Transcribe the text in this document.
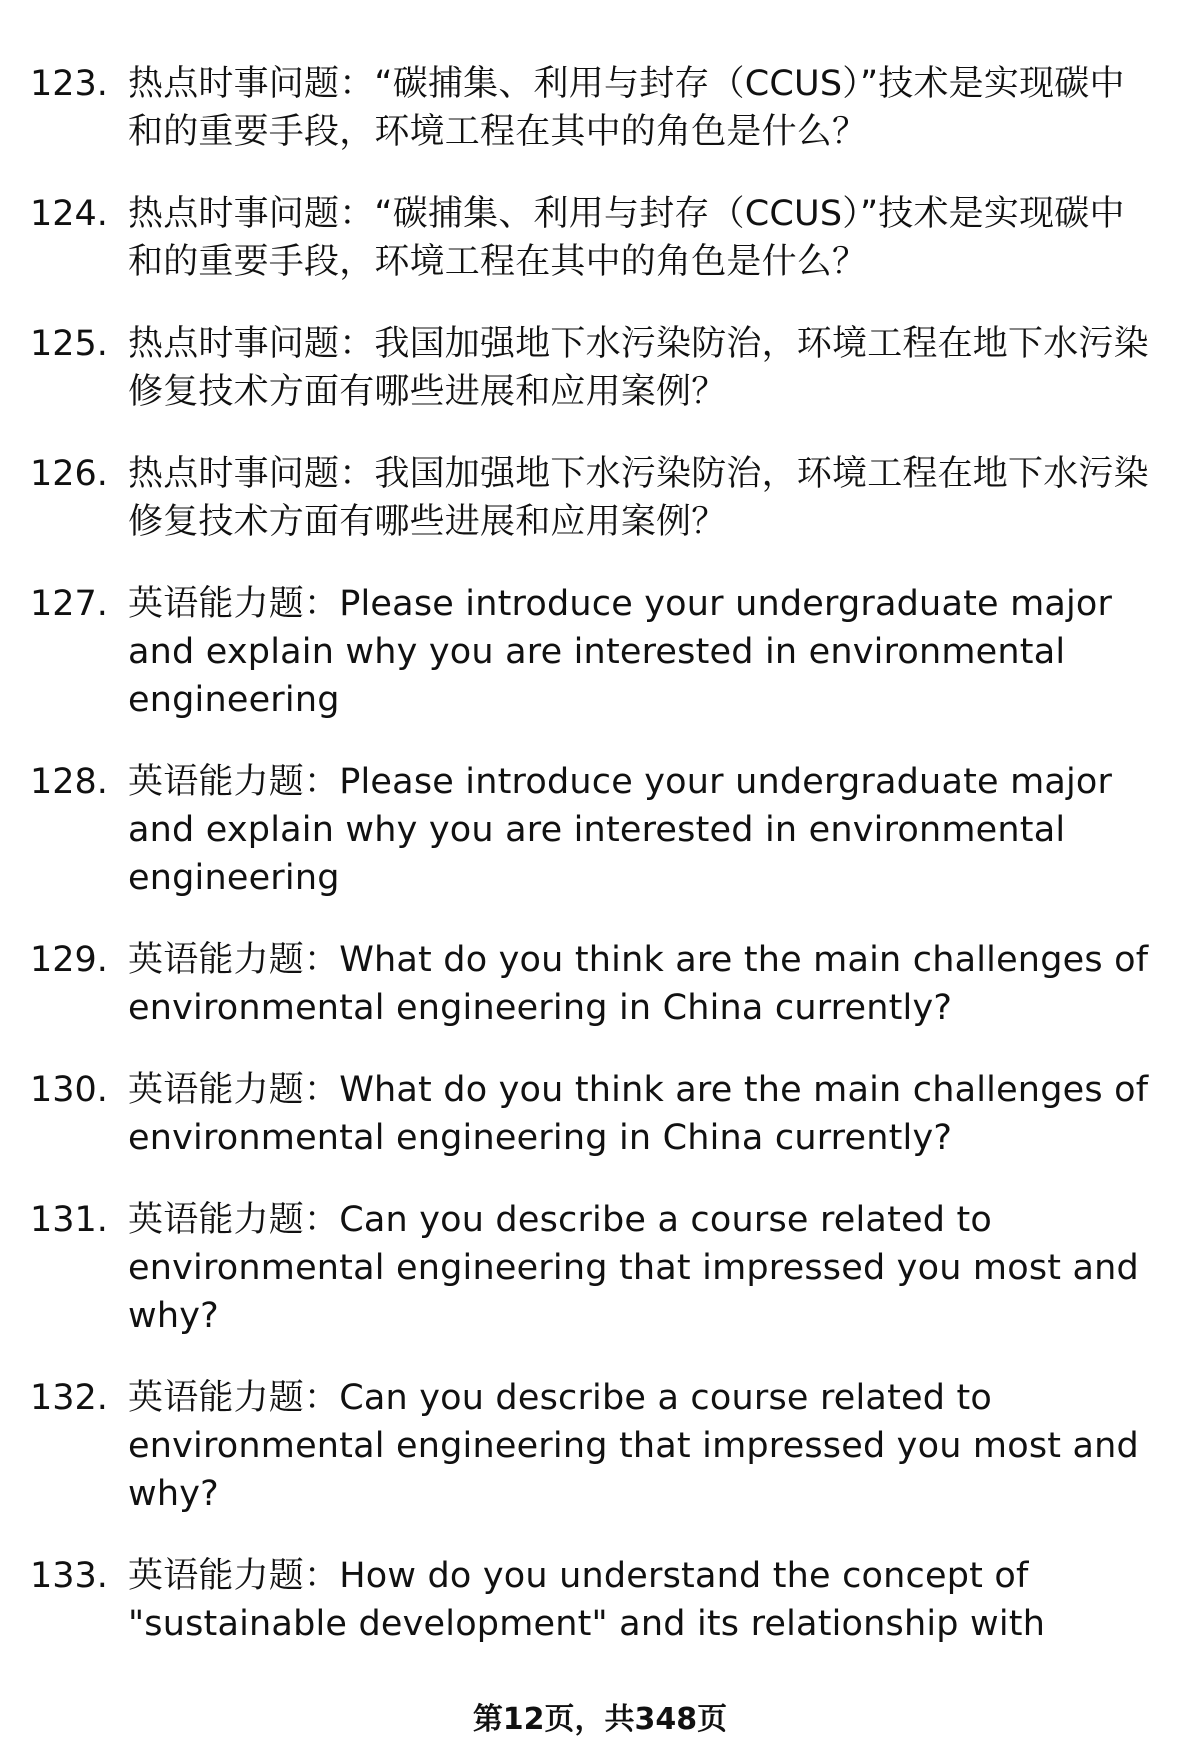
123. 热点时事问题：“碳捕集、利用与封存（CCUS）”技术是实现碳中和的重要手段，环境工程在其中的角色是什么？
124. 热点时事问题：“碳捕集、利用与封存（CCUS）”技术是实现碳中和的重要手段，环境工程在其中的角色是什么？
125. 热点时事问题：我国加强地下水污染防治，环境工程在地下水污染修复技术方面有哪些进展和应用案例？
126. 热点时事问题：我国加强地下水污染防治，环境工程在地下水污染修复技术方面有哪些进展和应用案例？
127. 英语能力题：Please introduce your undergraduate major and explain why you are interested in environmental engineering
128. 英语能力题：Please introduce your undergraduate major and explain why you are interested in environmental engineering
129. 英语能力题：What do you think are the main challenges of environmental engineering in China currently?
130. 英语能力题：What do you think are the main challenges of environmental engineering in China currently?
131. 英语能力题：Can you describe a course related to environmental engineering that impressed you most and why?
132. 英语能力题：Can you describe a course related to environmental engineering that impressed you most and why?
133. 英语能力题：How do you understand the concept of "sustainable development" and its relationship with
第12页，共348页
